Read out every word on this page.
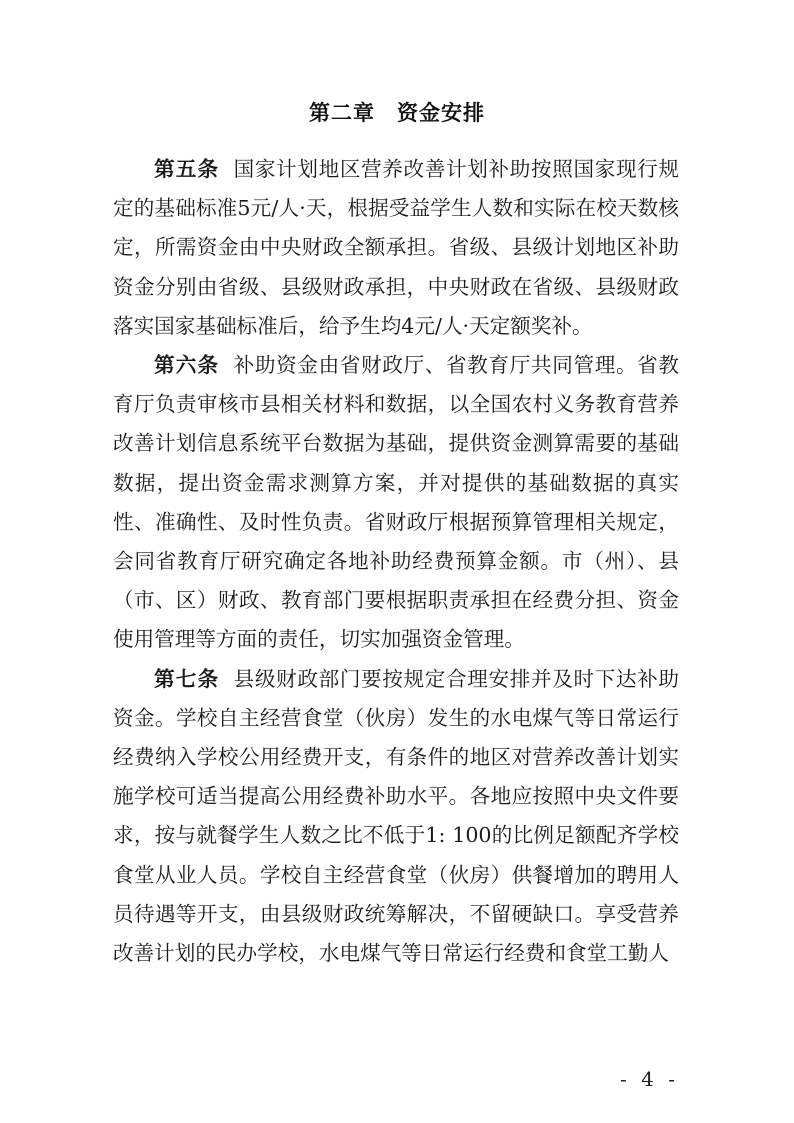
第二章　资金安排

第五条 国家计划地区营养改善计划补助按照国家现行规定的基础标准5元/人·天，根据受益学生人数和实际在校天数核定，所需资金由中央财政全额承担。省级、县级计划地区补助资金分别由省级、县级财政承担，中央财政在省级、县级财政落实国家基础标准后，给予生均4元/人·天定额奖补。

第六条 补助资金由省财政厅、省教育厅共同管理。省教育厅负责审核市县相关材料和数据，以全国农村义务教育营养改善计划信息系统平台数据为基础，提供资金测算需要的基础数据，提出资金需求测算方案，并对提供的基础数据的真实性、准确性、及时性负责。省财政厅根据预算管理相关规定，会同省教育厅研究确定各地补助经费预算金额。市（州）、县（市、区）财政、教育部门要根据职责承担在经费分担、资金使用管理等方面的责任，切实加强资金管理。

第七条 县级财政部门要按规定合理安排并及时下达补助资金。学校自主经营食堂（伙房）发生的水电煤气等日常运行经费纳入学校公用经费开支，有条件的地区对营养改善计划实施学校可适当提高公用经费补助水平。各地应按照中央文件要求，按与就餐学生人数之比不低于1: 100的比例足额配齐学校食堂从业人员。学校自主经营食堂（伙房）供餐增加的聘用人员待遇等开支，由县级财政统筹解决，不留硬缺口。享受营养改善计划的民办学校，水电煤气等日常运行经费和食堂工勤人

- 4 -
